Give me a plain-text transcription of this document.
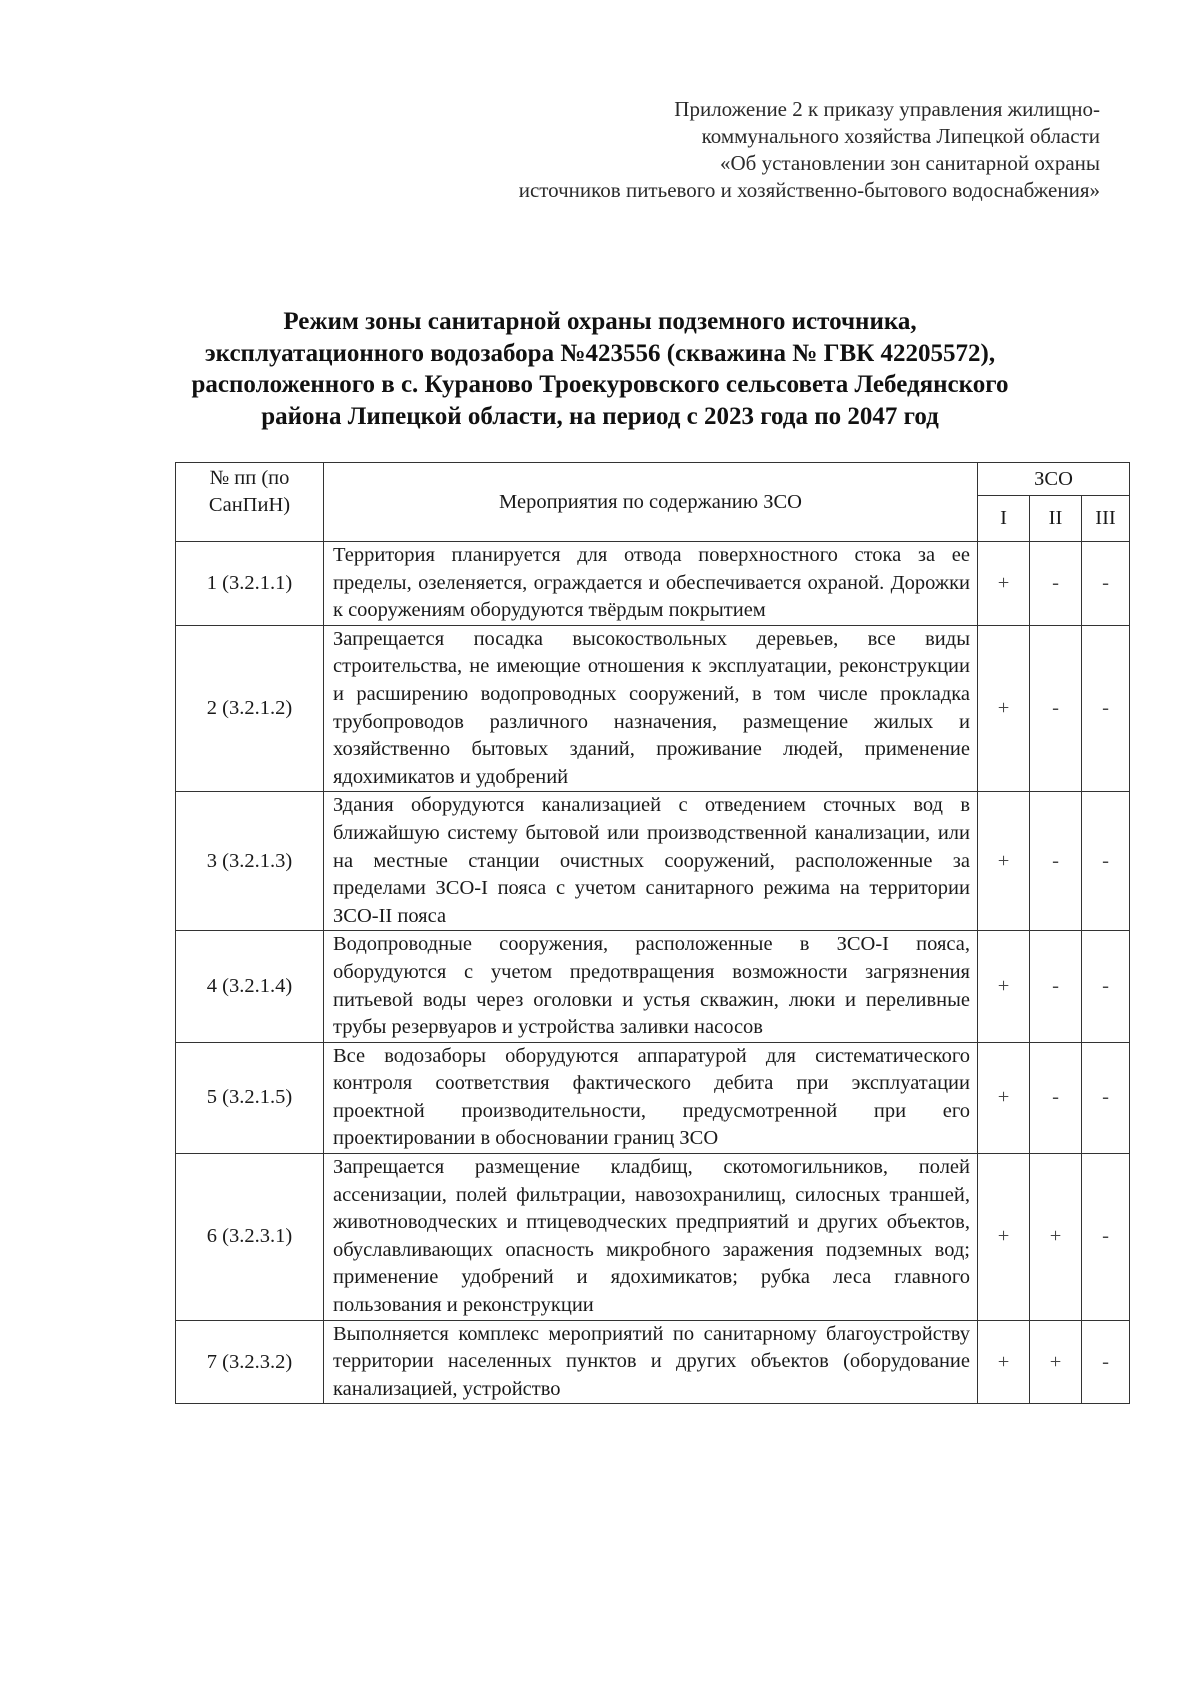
Приложение 2 к приказу управления жилищно-
коммунального хозяйства Липецкой области
«Об установлении зон санитарной охраны
источников питьевого и хозяйственно-бытового водоснабжения»
Режим зоны санитарной охраны подземного источника,
эксплуатационного водозабора №423556 (скважина № ГВК 42205572),
расположенного в с. Кураново Троекуровского сельсовета Лебедянского
района Липецкой области, на период с 2023 года по 2047 год
№ пп (по СанПиН)	Мероприятия по содержанию ЗСО	ЗСО		
		I	II	III
1 (3.2.1.1)	Территория планируется для отвода поверхностного стока за ее пределы, озеленяется, ограждается и обеспечивается охраной. Дорожки к сооружениям оборудуются твёрдым покрытием	+	-	-
2 (3.2.1.2)	Запрещается посадка высокоствольных деревьев, все виды строительства, не имеющие отношения к эксплуатации, реконструкции и расширению водопроводных сооружений, в том числе прокладка трубопроводов различного назначения, размещение жилых и хозяйственно бытовых зданий, проживание людей, применение ядохимикатов и удобрений	+	-	-
3 (3.2.1.3)	Здания оборудуются канализацией с отведением сточных вод в ближайшую систему бытовой или производственной канализации, или на местные станции очистных сооружений, расположенные за пределами ЗСО-I пояса с учетом санитарного режима на территории ЗСО-II пояса	+	-	-
4 (3.2.1.4)	Водопроводные сооружения, расположенные в ЗСО-I пояса, оборудуются с учетом предотвращения возможности загрязнения питьевой воды через оголовки и устья скважин, люки и переливные трубы резервуаров и устройства заливки насосов	+	-	-
5 (3.2.1.5)	Все водозаборы оборудуются аппаратурой для систематического контроля соответствия фактического дебита при эксплуатации проектной производительности, предусмотренной при его проектировании в обосновании границ ЗСО	+	-	-
6 (3.2.3.1)	Запрещается размещение кладбищ, скотомогильников, полей ассенизации, полей фильтрации, навозохранилищ, силосных траншей, животноводческих и птицеводческих предприятий и других объектов, обуславливающих опасность микробного заражения подземных вод; применение удобрений и ядохимикатов; рубка леса главного пользования и реконструкции	+	+	-
7 (3.2.3.2)	Выполняется комплекс мероприятий по санитарному благоустройству территории населенных пунктов и других объектов (оборудование канализацией, устройство	+	+	-
